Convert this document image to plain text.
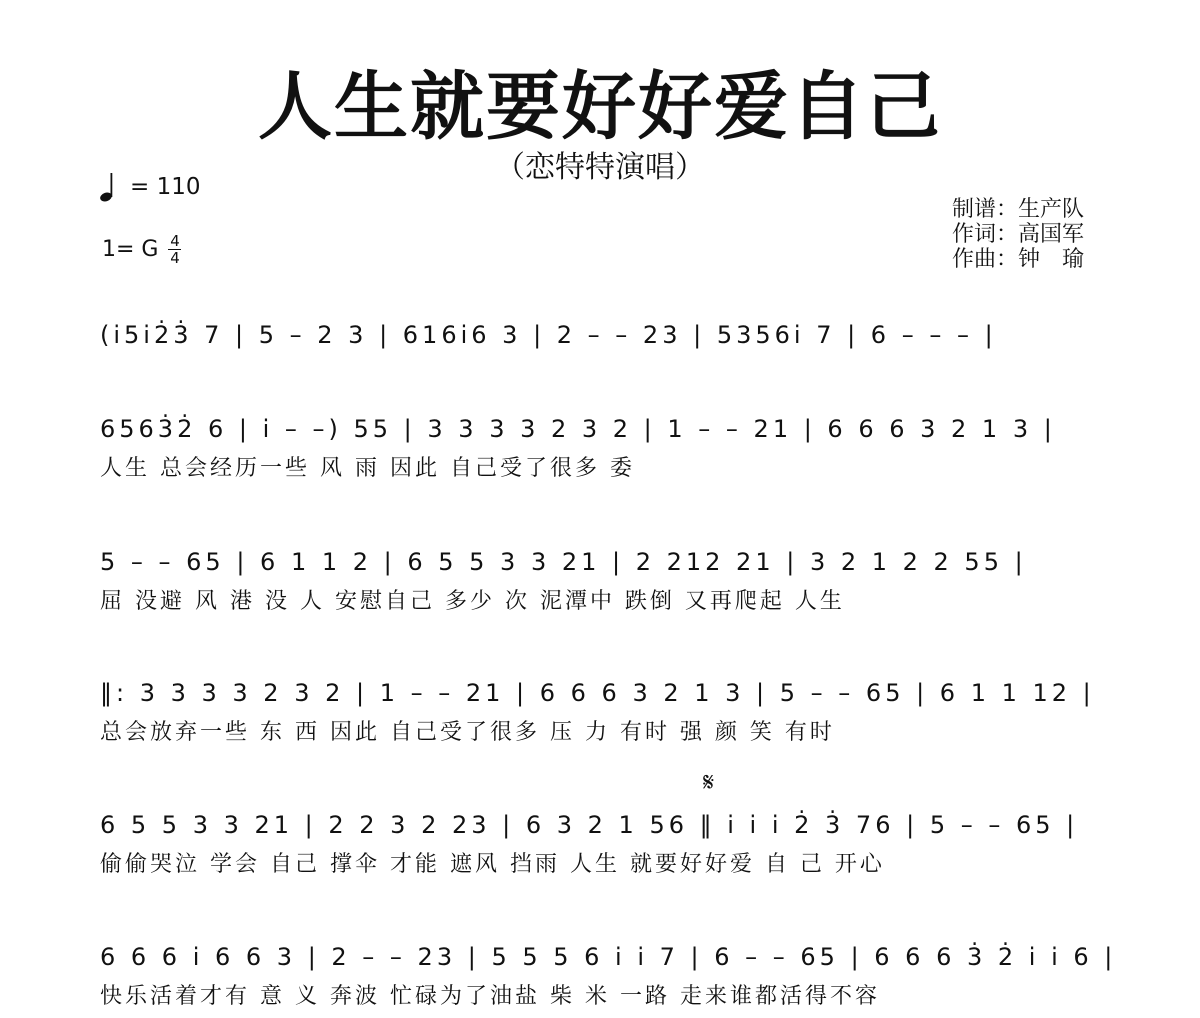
人生就要好好爱自己
（恋特特演唱）
= 110
1= G 4
4
制谱：生产队
作词：高国军
作曲：钟　瑜
(i5i2̇3̇ 7 | 5 – 2 3 | 616i6 3 | 2 – – 23 | 5356i 7 | 6 – – – |
6563̇2̇ 6 | i – –) 55 | 3 3 3 3 2 3 2 | 1 – – 21 | 6 6 6 3 2 1 3 |
人生 总会经历一些 风 雨 因此 自己受了很多 委
5 – – 65 | 6 1 1 2 | 6 5 5 3 3 21 | 2 212 21 | 3 2 1 2 2 55 |
屈 没避 风 港 没 人 安慰自己 多少 次 泥潭中 跌倒 又再爬起 人生
‖: 3 3 3 3 2 3 2 | 1 – – 21 | 6 6 6 3 2 1 3 | 5 – – 65 | 6 1 1 12 |
总会放弃一些 东 西 因此 自己受了很多 压 力 有时 强 颜 笑 有时
𝄋
6 5 5 3 3 21 | 2 2 3 2 23 | 6 3 2 1 56 ‖ i i i 2̇ 3̇ 76 | 5 – – 65 |
偷偷哭泣 学会 自己 撑伞 才能 遮风 挡雨 人生 就要好好爱 自 己 开心
6 6 6 i 6 6 3 | 2 – – 23 | 5 5 5 6 i i 7 | 6 – – 65 | 6 6 6 3̇ 2̇ i i 6 |
快乐活着才有 意 义 奔波 忙碌为了油盐 柴 米 一路 走来谁都活得不容
